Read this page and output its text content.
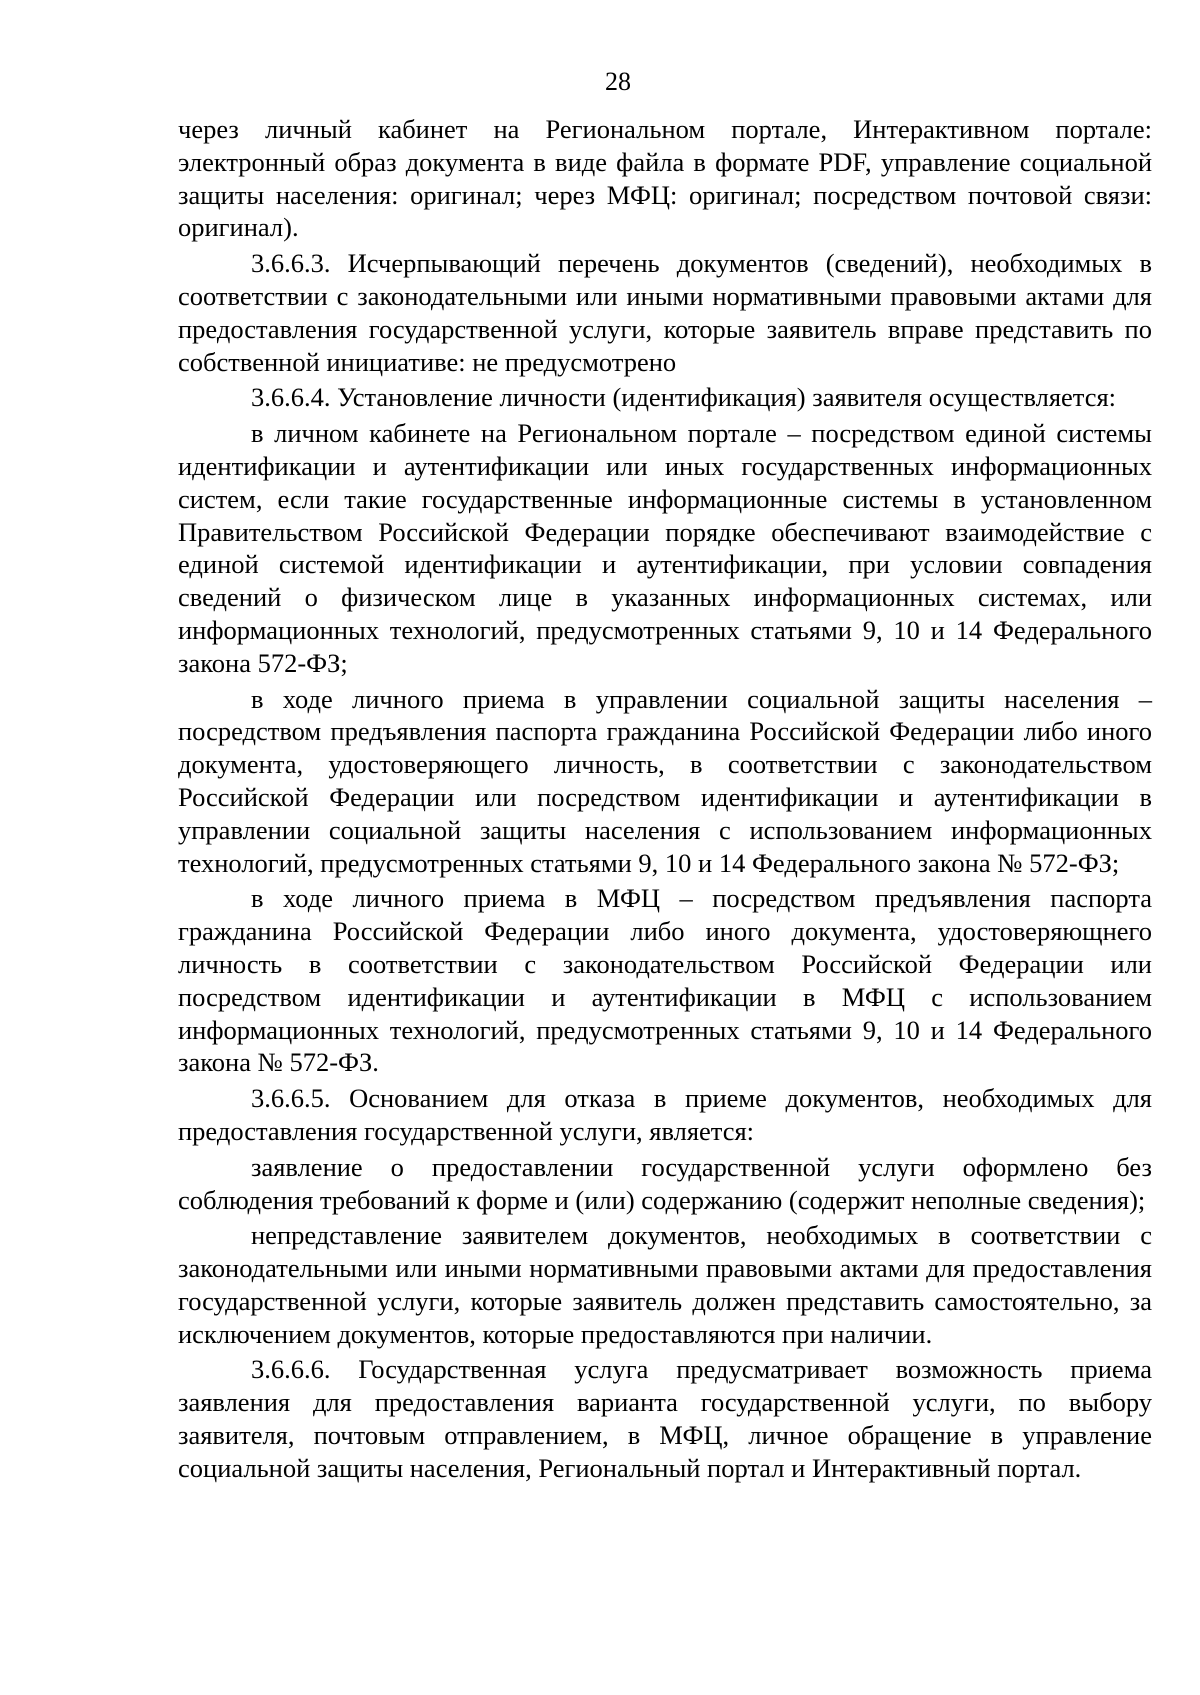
28

через личный кабинет на Региональном портале, Интерактивном портале: электронный образ документа в виде файла в формате PDF, управление социальной защиты населения: оригинал; через МФЦ: оригинал; посредством почтовой связи: оригинал).

3.6.6.3. Исчерпывающий перечень документов (сведений), необходимых в соответствии с законодательными или иными нормативными правовыми актами для предоставления государственной услуги, которые заявитель вправе представить по собственной инициативе: не предусмотрено

3.6.6.4. Установление личности (идентификация) заявителя осуществляется:

в личном кабинете на Региональном портале – посредством единой системы идентификации и аутентификации или иных государственных информационных систем, если такие государственные информационные системы в установленном Правительством Российской Федерации порядке обеспечивают взаимодействие с единой системой идентификации и аутентификации, при условии совпадения сведений о физическом лице в указанных информационных системах, или информационных технологий, предусмотренных статьями 9, 10 и 14 Федерального закона 572-ФЗ;

в ходе личного приема в управлении социальной защиты населения – посредством предъявления паспорта гражданина Российской Федерации либо иного документа, удостоверяющего личность, в соответствии с законодательством Российской Федерации или посредством идентификации и аутентификации в управлении социальной защиты населения с использованием информационных технологий, предусмотренных статьями 9, 10 и 14 Федерального закона № 572-ФЗ;

в ходе личного приема в МФЦ – посредством предъявления паспорта гражданина Российской Федерации либо иного документа, удостоверяющнего личность в соответствии с законодательством Российской Федерации или посредством идентификации и аутентификации в МФЦ с использованием информационных технологий, предусмотренных статьями 9, 10 и 14 Федерального закона № 572-ФЗ.

3.6.6.5. Основанием для отказа в приеме документов, необходимых для предоставления государственной услуги, является:

заявление о предоставлении государственной услуги оформлено без соблюдения требований к форме и (или) содержанию (содержит неполные сведения);

непредставление заявителем документов, необходимых в соответствии с законодательными или иными нормативными правовыми актами для предоставления государственной услуги, которые заявитель должен представить самостоятельно, за исключением документов, которые предоставляются при наличии.

3.6.6.6. Государственная услуга предусматривает возможность приема заявления для предоставления варианта государственной услуги, по выбору заявителя, почтовым отправлением, в МФЦ, личное обращение в управление социальной защиты населения, Региональный портал и Интерактивный портал.
